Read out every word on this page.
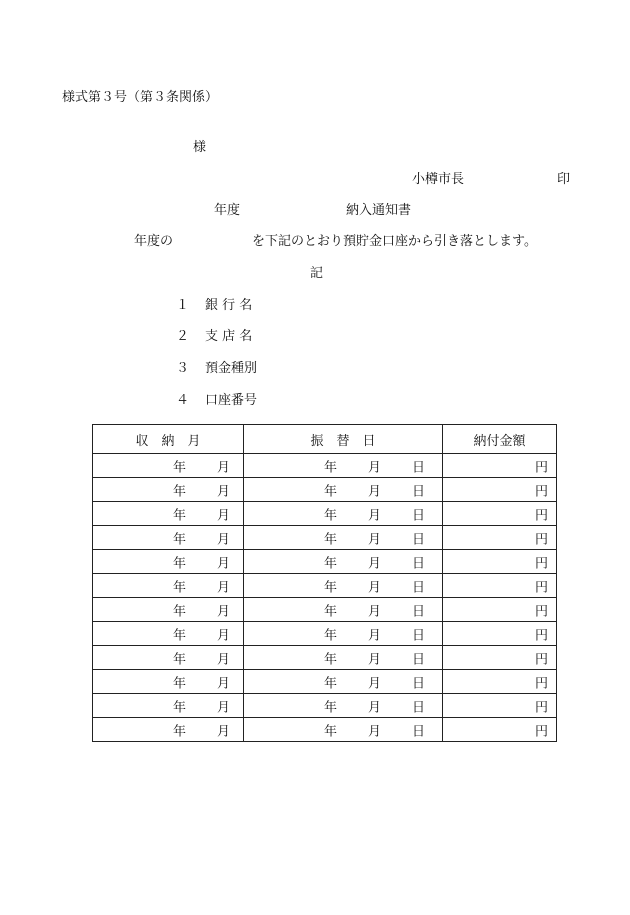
様式第３号（第３条関係）
様
小樽市長	印
年度	納入通知書
年度の	を下記のとおり預貯金口座から引き落とします。
記
１ 銀 行 名
２ 支 店 名
３ 預金種別
４ 口座番号
収　納　月	振　替　日	納付金額

年 月	年 月 日	円

年 月	年 月 日	円

年 月	年 月 日	円

年 月	年 月 日	円

年 月	年 月 日	円

年 月	年 月 日	円

年 月	年 月 日	円

年 月	年 月 日	円

年 月	年 月 日	円

年 月	年 月 日	円

年 月	年 月 日	円

年 月	年 月 日	円
